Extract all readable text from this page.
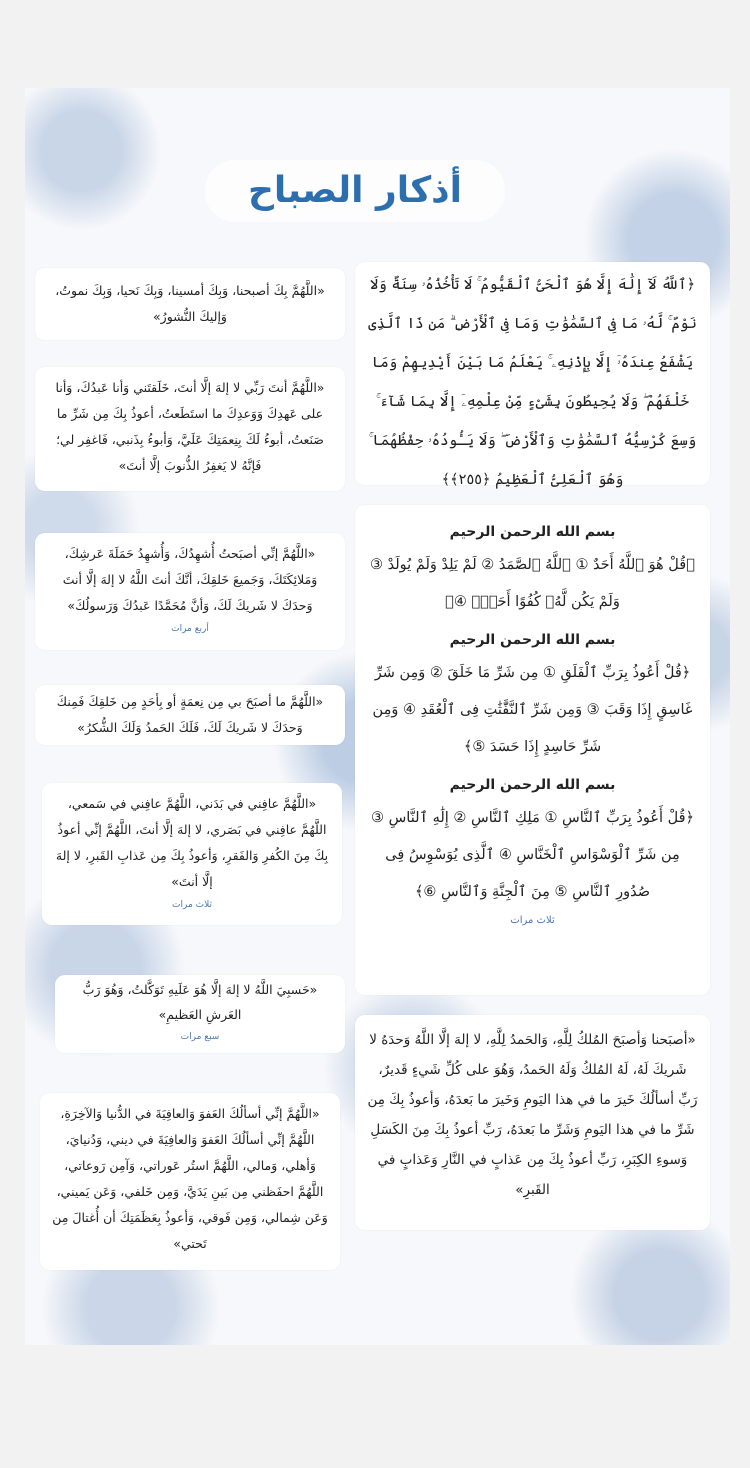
أذكار الصباح
«اللَّهُمَّ بِكَ أصبحنا، وَبِكَ أمسينا، وَبِكَ نَحيا، وَبِكَ نموتُ، وَإليكَ النُّشورُ»
«اللَّهُمَّ أنتَ رَبِّي لا إلهَ إلَّا أنتَ، خَلَقتَني وَأنا عَبدُكَ، وَأنا على عَهدِكَ وَوَعدِكَ ما استَطَعتُ، أعوذُ بِكَ مِن شَرِّ ما صَنَعتُ، أبوءُ لَكَ بِنِعمَتِكَ عَلَيَّ، وَأبوءُ بِذَنبي، فَاغفِر لي؛ فَإنَّهُ لا يَغفِرُ الذُّنوبَ إلَّا أنتَ»
«اللَّهُمَّ إنِّي أصبَحتُ أُشهِدُكَ، وَأُشهِدُ حَمَلَةَ عَرشِكَ، وَمَلائِكَتَكَ، وَجَميعَ خَلقِكَ، أنَّكَ أنتَ اللَّهُ لا إلهَ إلَّا أنتَ وَحدَكَ لا شَريكَ لَكَ، وَأنَّ مُحَمَّدًا عَبدُكَ وَرَسولُكَ»
أربع مرات
«اللَّهُمَّ ما أصبَحَ بي مِن نِعمَةٍ أو بِأحَدٍ مِن خَلقِكَ فَمِنكَ وَحدَكَ لا شَريكَ لَكَ، فَلَكَ الحَمدُ وَلَكَ الشُّكرُ»
«اللَّهُمَّ عافِني في بَدَني، اللَّهُمَّ عافِني في سَمعي، اللَّهُمَّ عافِني في بَصَري، لا إلهَ إلَّا أنتَ، اللَّهُمَّ إنِّي أعوذُ بِكَ مِنَ الكُفرِ وَالفَقرِ، وَأعوذُ بِكَ مِن عَذابِ القَبرِ، لا إلهَ إلَّا أنتَ»
ثلاث مرات
«حَسبِيَ اللَّهُ لا إلهَ إلَّا هُوَ عَلَيهِ تَوَكَّلتُ، وَهُوَ رَبُّ العَرشِ العَظيمِ»
سبع مرات
«اللَّهُمَّ إنِّي أسألُكَ العَفوَ وَالعافِيَةَ في الدُّنيا وَالآخِرَةِ، اللَّهُمَّ إنِّي أسألُكَ العَفوَ وَالعافِيَةَ في ديني، وَدُنيايَ، وَأهلي، وَمالي، اللَّهُمَّ استُر عَوراتي، وَآمِن رَوعاتي، اللَّهُمَّ احفَظني مِن بَينِ يَدَيَّ، وَمِن خَلفي، وَعَن يَميني، وَعَن شِمالي، وَمِن فَوقي، وَأعوذُ بِعَظَمَتِكَ أن أُغتالَ مِن تَحتي»
﴿ٱللَّهُ لَآ إِلَٰهَ إِلَّا هُوَ ٱلْحَىُّ ٱلْقَيُّومُ ۚ لَا تَأْخُذُهُۥ سِنَةٌ وَلَا نَوْمٌ ۚ لَّهُۥ مَا فِى ٱلسَّمَٰوَٰتِ وَمَا فِى ٱلْأَرْضِ ۗ مَن ذَا ٱلَّذِى يَشْفَعُ عِندَهُۥٓ إِلَّا بِإِذْنِهِۦ ۚ يَعْلَمُ مَا بَيْنَ أَيْدِيهِمْ وَمَا خَلْفَهُمْ ۖ وَلَا يُحِيطُونَ بِشَىْءٍ مِّنْ عِلْمِهِۦٓ إِلَّا بِمَا شَآءَ ۚ وَسِعَ كُرْسِيُّهُ ٱلسَّمَٰوَٰتِ وَٱلْأَرْضَ ۖ وَلَا يَـُٔودُهُۥ حِفْظُهُمَا ۚ وَهُوَ ٱلْعَلِىُّ ٱلْعَظِيمُ ﴿٢٥٥﴾﴾
بسم الله الرحمن الرحيم
﴿قُلْ هُوَ ٱللَّهُ أَحَدٌ ① ٱللَّهُ ٱلصَّمَدُ ② لَمْ يَلِدْ وَلَمْ يُولَدْ ③ وَلَمْ يَكُن لَّهُۥ كُفُوًا أَحَدٌۢ ④﴾
بسم الله الرحمن الرحيم
﴿قُلْ أَعُوذُ بِرَبِّ ٱلْفَلَقِ ① مِن شَرِّ مَا خَلَقَ ② وَمِن شَرِّ غَاسِقٍ إِذَا وَقَبَ ③ وَمِن شَرِّ ٱلنَّفَّٰثَٰتِ فِى ٱلْعُقَدِ ④ وَمِن شَرِّ حَاسِدٍ إِذَا حَسَدَ ⑤﴾
بسم الله الرحمن الرحيم
﴿قُلْ أَعُوذُ بِرَبِّ ٱلنَّاسِ ① مَلِكِ ٱلنَّاسِ ② إِلَٰهِ ٱلنَّاسِ ③ مِن شَرِّ ٱلْوَسْوَاسِ ٱلْخَنَّاسِ ④ ٱلَّذِى يُوَسْوِسُ فِى صُدُورِ ٱلنَّاسِ ⑤ مِنَ ٱلْجِنَّةِ وَٱلنَّاسِ ⑥﴾
ثلاث مرات
«أصبَحنا وَأصبَحَ المُلكُ لِلَّهِ، وَالحَمدُ لِلَّهِ، لا إلهَ إلَّا اللَّهُ وَحدَهُ لا شَريكَ لَهُ، لَهُ المُلكُ وَلَهُ الحَمدُ، وَهُوَ على كُلِّ شَيءٍ قَديرٌ، رَبِّ أسألُكَ خَيرَ ما في هذا اليَومِ وَخَيرَ ما بَعدَهُ، وَأعوذُ بِكَ مِن شَرِّ ما في هذا اليَومِ وَشَرِّ ما بَعدَهُ، رَبِّ أعوذُ بِكَ مِنَ الكَسَلِ وَسوءِ الكِبَرِ، رَبِّ أعوذُ بِكَ مِن عَذابٍ في النَّارِ وَعَذابٍ في القَبرِ»
